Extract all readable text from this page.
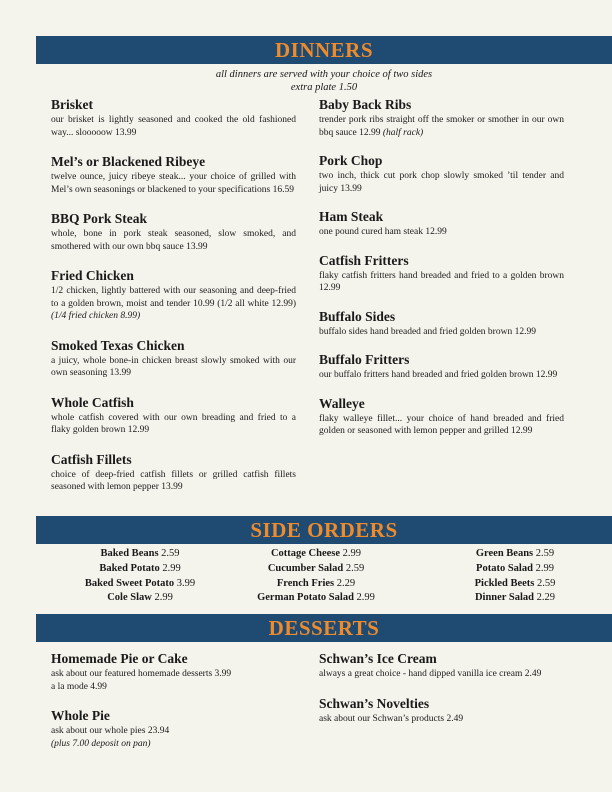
DINNERS
all dinners are served with your choice of two sides
extra plate 1.50
Brisket

our brisket is lightly seasoned and cooked the old fashioned way... slooooow 13.99

Mel’s or Blackened Ribeye

twelve ounce, juicy ribeye steak... your choice of grilled with Mel’s own seasonings or blackened to your specifications 16.59

BBQ Pork Steak

whole, bone in pork steak seasoned, slow smoked, and smothered with our own bbq sauce 13.99

Fried Chicken

1/2 chicken, lightly battered with our seasoning and deep-fried to a golden brown, moist and tender 10.99 (1/2 all white 12.99)(1/4 fried chicken 8.99)

Smoked Texas Chicken

a juicy, whole bone-in chicken breast slowly smoked with our own seasoning 13.99

Whole Catfish

whole catfish covered with our own breading and fried to a flaky golden brown 12.99

Catfish Fillets

choice of deep-fried catfish fillets or grilled catfish fillets seasoned with lemon pepper 13.99

Baby Back Ribs

trender pork ribs straight off the smoker or smother in our own bbq sauce 12.99 (half rack)

Pork Chop

two inch, thick cut pork chop slowly smoked ’til tender and juicy 13.99

Ham Steak

one pound cured ham steak 12.99

Catfish Fritters

flaky catfish fritters hand breaded and fried to a golden brown 12.99

Buffalo Sides

buffalo sides hand breaded and fried golden brown 12.99

Buffalo Fritters

our buffalo fritters hand breaded and fried golden brown 12.99

Walleye

flaky walleye fillet... your choice of hand breaded and fried golden or seasoned with lemon pepper and grilled 12.99

SIDE ORDERS
Baked Beans 2.59
Baked Potato 2.99
Baked Sweet Potato 3.99
Cole Slaw 2.99
Cottage Cheese 2.99
Cucumber Salad 2.59
French Fries 2.29
German Potato Salad 2.99
Green Beans 2.59
Potato Salad 2.99
Pickled Beets 2.59
Dinner Salad 2.29
DESSERTS
Homemade Pie or Cake

ask about our featured homemade desserts 3.99

a la mode 4.99

Whole Pie

ask about our whole pies 23.94

(plus 7.00 deposit on pan)

Schwan’s Ice Cream

always a great choice - hand dipped vanilla ice cream 2.49

Schwan’s Novelties

ask about our Schwan’s products 2.49
